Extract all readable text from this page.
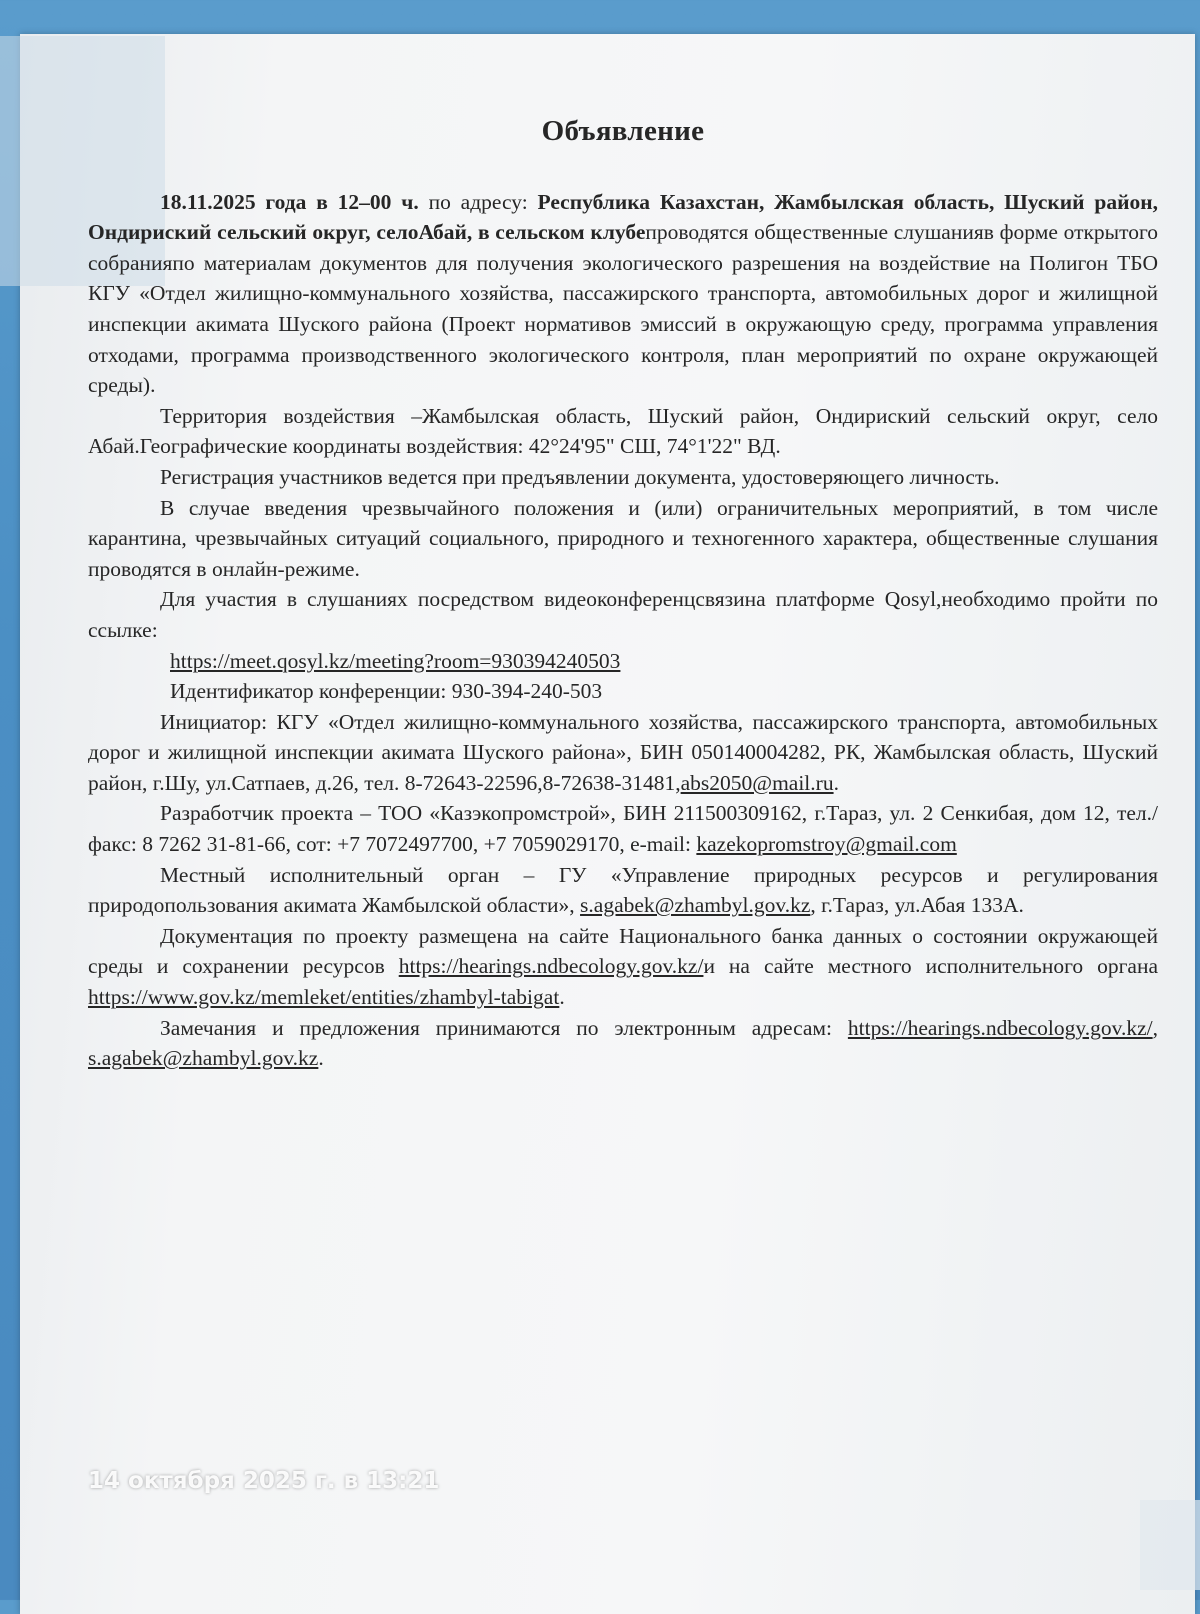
Объявление

18.11.2025 года в 12–00 ч. по адресу: Республика Казахстан, Жамбылская область, Шуский район, Ондириский сельский округ, селоАбай, в сельском клубепроводятся общественные слушанияв форме открытого собранияпо материалам документов для получения экологического разрешения на воздействие на Полигон ТБО КГУ «Отдел жилищно-коммунального хозяйства, пассажирского транспорта, автомобильных дорог и жилищной инспекции акимата Шуского района (Проект нормативов эмиссий в окружающую среду, программа управления отходами, программа производственного экологического контроля, план мероприятий по охране окружающей среды).

Территория воздействия –Жамбылская область, Шуский район, Ондириский сельский округ, село Абай.Географические координаты воздействия: 42°24'95" СШ, 74°1'22" ВД.

Регистрация участников ведется при предъявлении документа, удостоверяющего личность.

В случае введения чрезвычайного положения и (или) ограничительных мероприятий, в том числе карантина, чрезвычайных ситуаций социального, природного и техногенного характера, общественные слушания проводятся в онлайн-режиме.

Для участия в слушаниях посредством видеоконференцсвязина платформе Qosyl,необходимо пройти по ссылке:

https://meet.qosyl.kz/meeting?room=930394240503

Идентификатор конференции: 930-394-240-503

Инициатор: КГУ «Отдел жилищно-коммунального хозяйства, пассажирского транспорта, автомобильных дорог и жилищной инспекции акимата Шуского района», БИН 050140004282, РК, Жамбылская область, Шуский район, г.Шу, ул.Сатпаев, д.26, тел. 8-72643-22596,8-72638-31481,abs2050@mail.ru.

Разработчик проекта – ТОО «Казэкопромстрой», БИН 211500309162, г.Тараз, ул. 2 Сенкибая, дом 12, тел./факс: 8 7262 31-81-66, сот: +7 7072497700, +7 7059029170, e-mail: kazekopromstroy@gmail.com

Местный исполнительный орган – ГУ «Управление природных ресурсов и регулирования природопользования акимата Жамбылской области», s.agabek@zhambyl.gov.kz, г.Тараз, ул.Абая 133А.

Документация по проекту размещена на сайте Национального банка данных о состоянии окружающей среды и сохранении ресурсов https://hearings.ndbecology.gov.kz/и на сайте местного исполнительного органа https://www.gov.kz/memleket/entities/zhambyl-tabigat.

Замечания и предложения принимаются по электронным адресам: https://hearings.ndbecology.gov.kz/, s.agabek@zhambyl.gov.kz.

14 октября 2025 г. в 13:21
